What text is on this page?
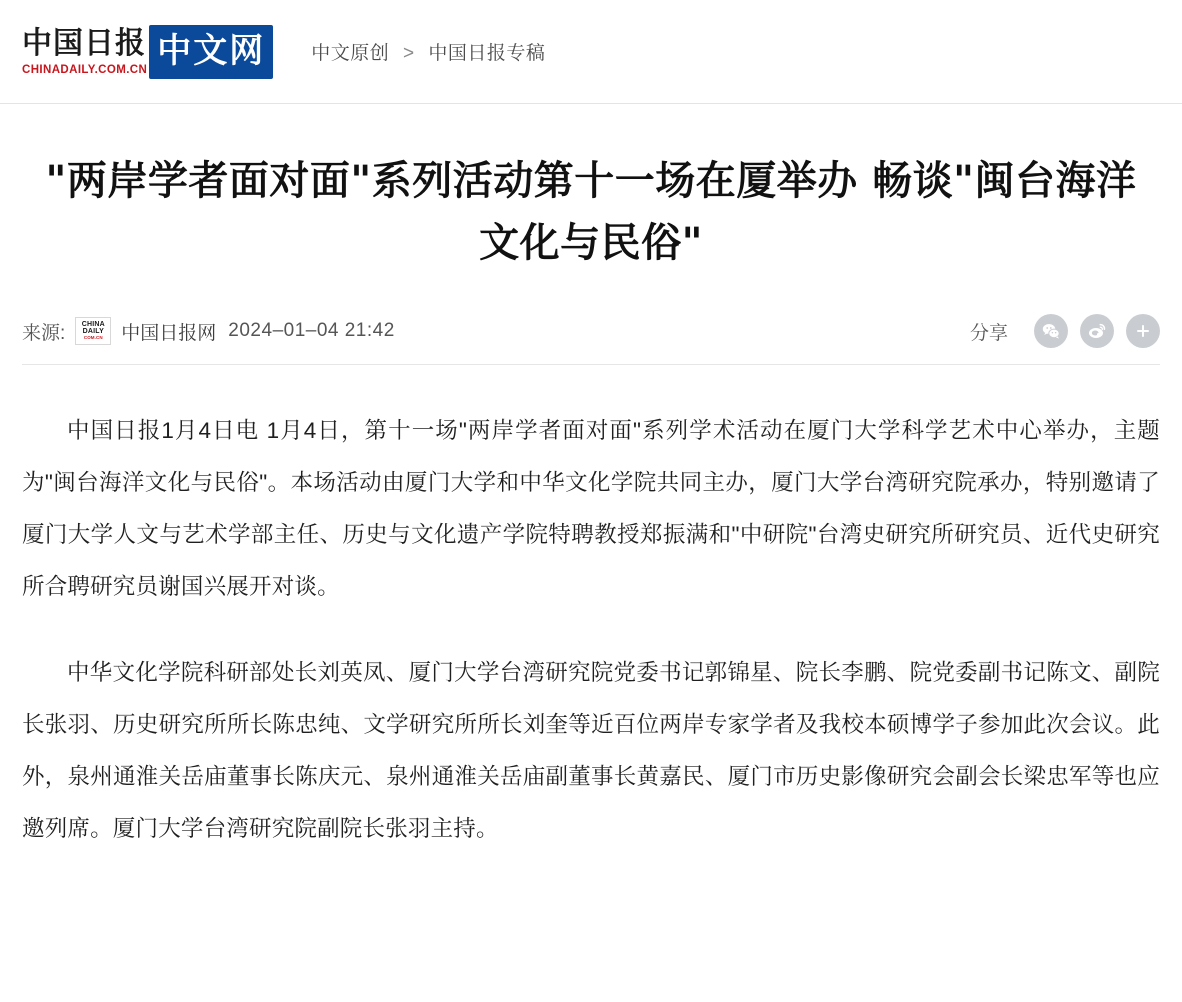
中国日报
CHINADAILY.COM.CN 中文网	中文原创 > 中国日报专稿
"两岸学者面对面"系列活动第十一场在厦举办 畅谈"闽台海洋文化与民俗"
来源: CHINA
DAILY
COM.CN 中国日报网 2024–01–04 21:42	分享

中国日报1月4日电 1月4日，第十一场"两岸学者面对面"系列学术活动在厦门大学科学艺术中心举办，主题为"闽台海洋文化与民俗"。本场活动由厦门大学和中华文化学院共同主办，厦门大学台湾研究院承办，特别邀请了厦门大学人文与艺术学部主任、历史与文化遗产学院特聘教授郑振满和"中研院"台湾史研究所研究员、近代史研究所合聘研究员谢国兴展开对谈。

中华文化学院科研部处长刘英凤、厦门大学台湾研究院党委书记郭锦星、院长李鹏、院党委副书记陈文、副院长张羽、历史研究所所长陈忠纯、文学研究所所长刘奎等近百位两岸专家学者及我校本硕博学子参加此次会议。此外，泉州通淮关岳庙董事长陈庆元、泉州通淮关岳庙副董事长黄嘉民、厦门市历史影像研究会副会长梁忠军等也应邀列席。厦门大学台湾研究院副院长张羽主持。
